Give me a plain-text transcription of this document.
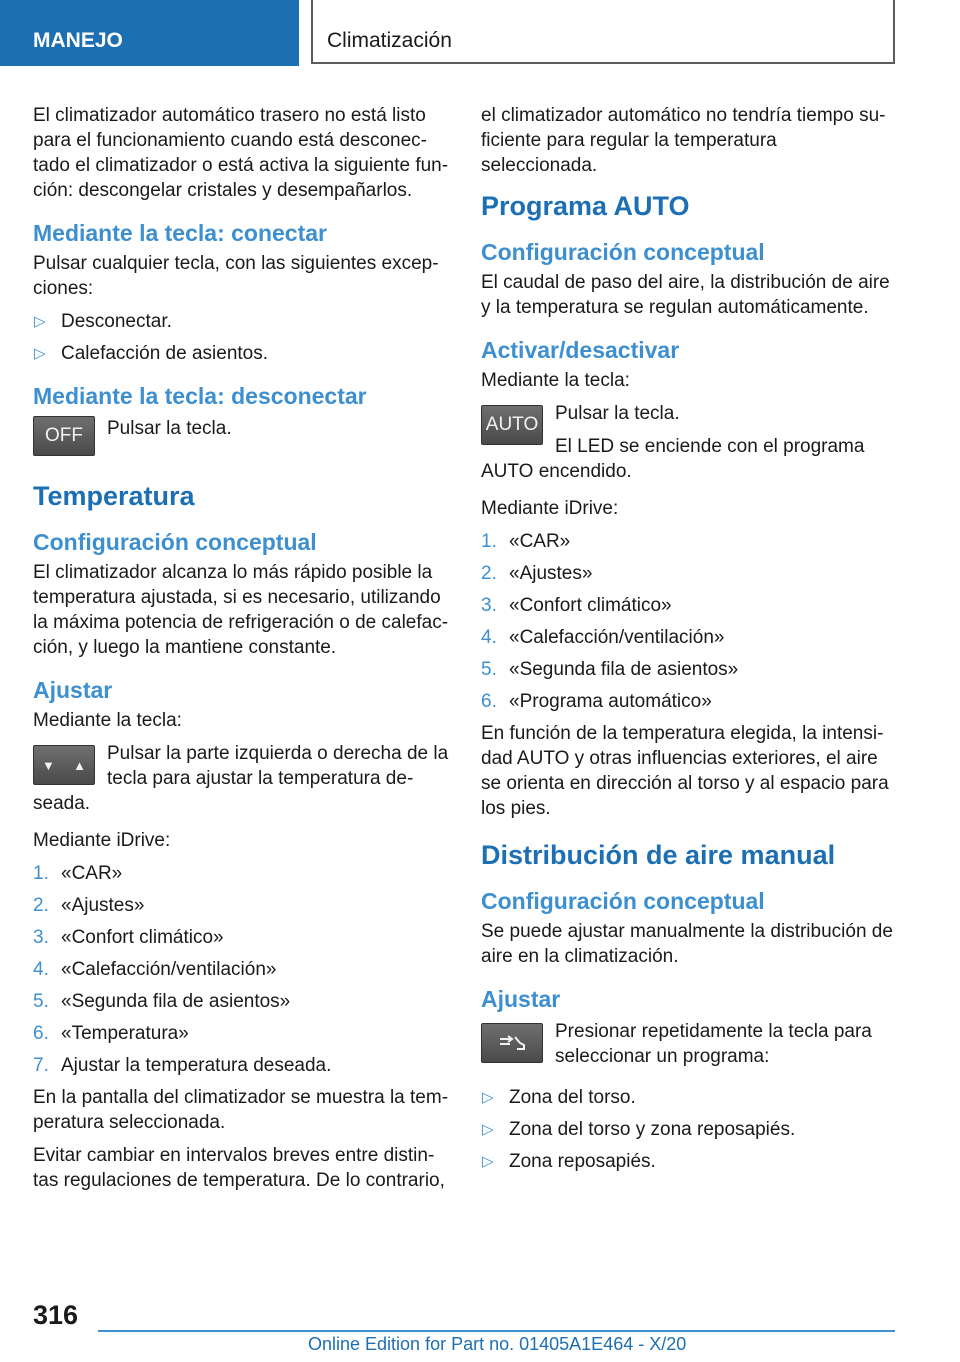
MANEJO	Climatización

El climatizador automático trasero no está listo para el funcionamiento cuando está desconec-tado el climatizador o está activa la siguiente fun-ción: descongelar cristales y desempañarlos.

Mediante la tecla: conectar

Pulsar cualquier tecla, con las siguientes excep-ciones:

▷ Desconectar.
▷ Calefacción de asientos.
Mediante la tecla: desconectar
OFF	Pulsar la tecla.

Temperatura
Configuración conceptual

El climatizador alcanza lo más rápido posible la temperatura ajustada, si es necesario, utilizando la máxima potencia de refrigeración o de calefac-ción, y luego la mantiene constante.

Ajustar

Mediante la tecla:

▼ ▲

Pulsar la parte izquierda o derecha de la tecla para ajustar la temperatura de-seada.

Mediante iDrive:

1. «CAR»
2. «Ajustes»
3. «Confort climático»
4. «Calefacción/ventilación»
5. «Segunda fila de asientos»
6. «Temperatura»
7. Ajustar la temperatura deseada.

En la pantalla del climatizador se muestra la tem-peratura seleccionada.

Evitar cambiar en intervalos breves entre distin-tas regulaciones de temperatura. De lo contrario,

el climatizador automático no tendría tiempo su-ficiente para regular la temperatura seleccionada.

Programa AUTO
Configuración conceptual

El caudal de paso del aire, la distribución de aire y la temperatura se regulan automáticamente.

Activar/desactivar

Mediante la tecla:

AUTO

Pulsar la tecla.

El LED se enciende con el programa AUTO encendido.

Mediante iDrive:

1. «CAR»
2. «Ajustes»
3. «Confort climático»
4. «Calefacción/ventilación»
5. «Segunda fila de asientos»
6. «Programa automático»

En función de la temperatura elegida, la intensi-dad AUTO y otras influencias exteriores, el aire se orienta en dirección al torso y al espacio para los pies.

Distribución de aire manual
Configuración conceptual

Se puede ajustar manualmente la distribución de aire en la climatización.

Ajustar

Presionar repetidamente la tecla para seleccionar un programa:

▷ Zona del torso.
▷ Zona del torso y zona reposapiés.
▷ Zona reposapiés.
316
Online Edition for Part no. 01405A1E464 - X/20
